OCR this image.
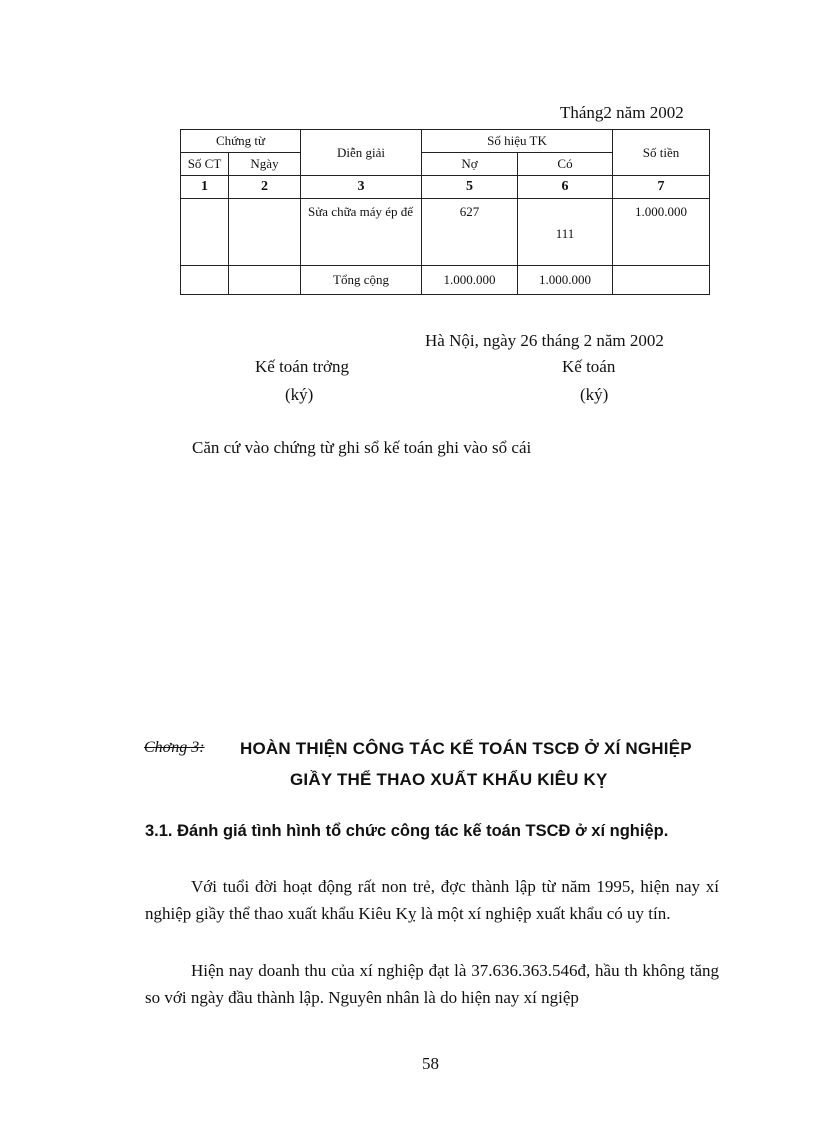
Tháng2 năm 2002
Chứng từ		Diễn giải	Số hiệu TK		Số tiền
Số CT	Ngày		Nợ	Có	
1	2	3	5	6	7

		Sửa chữa máy ép đế	627	111	1.000.000

		Tổng cộng	1.000.000	1.000.000	
Hà Nội, ngày 26 tháng 2 năm 2002
Kế toán trởng	Kế toán
(ký)	(ký)
Căn cứ vào chứng từ ghi sổ kế toán ghi vào sổ cái
Chơng 3: HOÀN THIỆN CÔNG TÁC KẾ TOÁN TSCĐ Ở XÍ NGHIỆP
GIẦY THỂ THAO XUẤT KHẨU KIÊU KỴ
3.1. Đánh giá tình hình tổ chức công tác kế toán TSCĐ ở xí nghiệp.
Với tuổi đời hoạt động rất non trẻ, đợc thành lập từ năm 1995, hiện nay xí nghiệp giầy thể thao xuất khẩu Kiêu Kỵ là một xí nghiệp xuất khẩu có uy tín.
Hiện nay doanh thu của xí nghiệp đạt là 37.636.363.546đ, hầu th không tăng so với ngày đầu thành lập. Nguyên nhân là do hiện nay xí ngiệp
58
